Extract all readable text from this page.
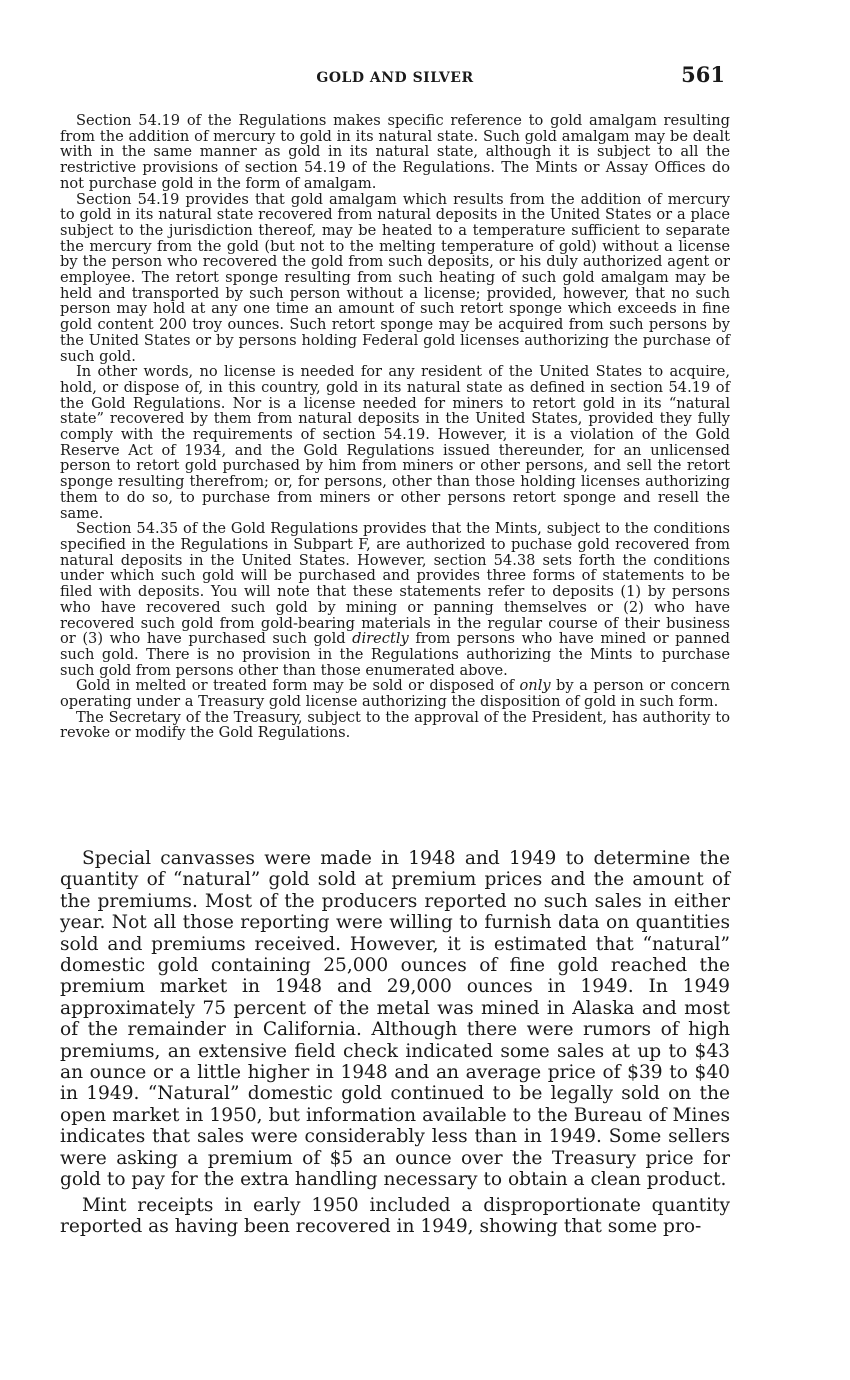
GOLD AND SILVER	561

Section 54.19 of the Regulations makes specific reference to gold amalgam resulting from the addition of mercury to gold in its natural state. Such gold amalgam may be dealt with in the same manner as gold in its natural state, although it is subject to all the restrictive provisions of section 54.19 of the Regulations. The Mints or Assay Offices do not purchase gold in the form of amalgam.

Section 54.19 provides that gold amalgam which results from the addition of mercury to gold in its natural state recovered from natural deposits in the United States or a place subject to the jurisdiction thereof, may be heated to a temperature sufficient to separate the mercury from the gold (but not to the melting temperature of gold) without a license by the person who recovered the gold from such deposits, or his duly authorized agent or employee. The retort sponge resulting from such heating of such gold amalgam may be held and transported by such person without a license; provided, however, that no such person may hold at any one time an amount of such retort sponge which exceeds in fine gold content 200 troy ounces. Such retort sponge may be acquired from such persons by the United States or by persons holding Federal gold licenses authorizing the purchase of such gold.

In other words, no license is needed for any resident of the United States to acquire, hold, or dispose of, in this country, gold in its natural state as defined in section 54.19 of the Gold Regulations. Nor is a license needed for miners to retort gold in its “natural state” recovered by them from natural deposits in the United States, provided they fully comply with the requirements of section 54.19. However, it is a violation of the Gold Reserve Act of 1934, and the Gold Regulations issued thereunder, for an unlicensed person to retort gold purchased by him from miners or other persons, and sell the retort sponge resulting therefrom; or, for persons, other than those holding licenses authorizing them to do so, to purchase from miners or other persons retort sponge and resell the same.

Section 54.35 of the Gold Regulations provides that the Mints, subject to the conditions specified in the Regulations in Subpart F, are authorized to puchase gold recovered from natural deposits in the United States. However, section 54.38 sets forth the conditions under which such gold will be purchased and provides three forms of statements to be filed with deposits. You will note that these statements refer to deposits (1) by persons who have recovered such gold by mining or panning themselves or (2) who have recovered such gold from gold-bearing materials in the regular course of their business or (3) who have purchased such gold directly from persons who have mined or panned such gold. There is no provision in the Regulations authorizing the Mints to purchase such gold from persons other than those enumerated above.

Gold in melted or treated form may be sold or disposed of only by a person or concern operating under a Treasury gold license authorizing the disposition of gold in such form.

The Secretary of the Treasury, subject to the approval of the President, has authority to revoke or modify the Gold Regulations.

Special canvasses were made in 1948 and 1949 to determine the quantity of “natural” gold sold at premium prices and the amount of the premiums. Most of the producers reported no such sales in either year. Not all those reporting were willing to furnish data on quantities sold and premiums received. However, it is estimated that “natural” domestic gold containing 25,000 ounces of fine gold reached the premium market in 1948 and 29,000 ounces in 1949. In 1949 approximately 75 percent of the metal was mined in Alaska and most of the remainder in California. Although there were rumors of high premiums, an extensive field check indicated some sales at up to $43 an ounce or a little higher in 1948 and an average price of $39 to $40 in 1949. “Natural” domestic gold continued to be legally sold on the open market in 1950, but information available to the Bureau of Mines indicates that sales were considerably less than in 1949. Some sellers were asking a premium of $5 an ounce over the Treasury price for gold to pay for the extra handling necessary to obtain a clean product.

Mint receipts in early 1950 included a disproportionate quantity reported as having been recovered in 1949, showing that some pro-
